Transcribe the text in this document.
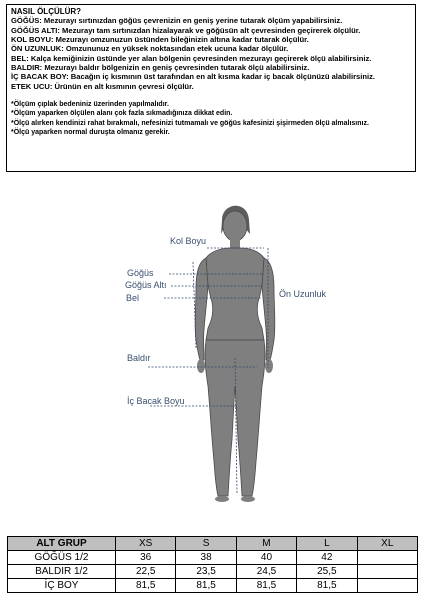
NASIL ÖLÇÜLÜR?
GÖĞÜS: Mezurayı sırtınızdan göğüs çevrenizin en geniş yerine tutarak ölçüm yapabilirsiniz.
GÖĞÜS ALTI: Mezurayı tam sırtınızdan hizalayarak ve göğüsün alt çevresinden geçirerek ölçülür.
KOL BOYU: Mezurayı omzunuzun üstünden bileğinizin altına kadar tutarak ölçülür.
ÖN UZUNLUK: Omzununuz en yüksek noktasından etek ucuna kadar ölçülür.
BEL: Kalça kemiğinizin üstünde yer alan bölgenin çevresinden mezurayı geçirerek ölçü alabilirsiniz.
BALDIR: Mezurayı baldır bölgenizin en geniş çevresinden tutarak ölçü alabilirsiniz.
İÇ BACAK BOY: Bacağın iç kısmının üst tarafından en alt kısma kadar iç bacak ölçünüzü alabilirsiniz.
ETEK UCU: Ürünün en alt kısmının çevresi ölçülür.
*Ölçüm çıplak bedeniniz üzerinden yapılmalıdır.
*Ölçüm yaparken ölçülen alanı çok fazla sıkmadığınıza dikkat edin.
*Ölçü alırken kendinizi rahat bırakmalı, nefesinizi tutmamalı ve göğüs kafesinizi şişirmeden ölçü almalısınız.
*Ölçü yaparken normal duruşta olmanız gerekir.
Kol Boyu
Göğüs
Göğüs Altı
Bel	Ön Uzunluk
Baldır
İç Bacak Boyu
ALT GRUP	XS	S	M	L	XL
GÖĞÜS 1/2	36	38	40	42	
BALDIR 1/2	22,5	23,5	24,5	25,5	
İÇ BOY	81,5	81,5	81,5	81,5	
